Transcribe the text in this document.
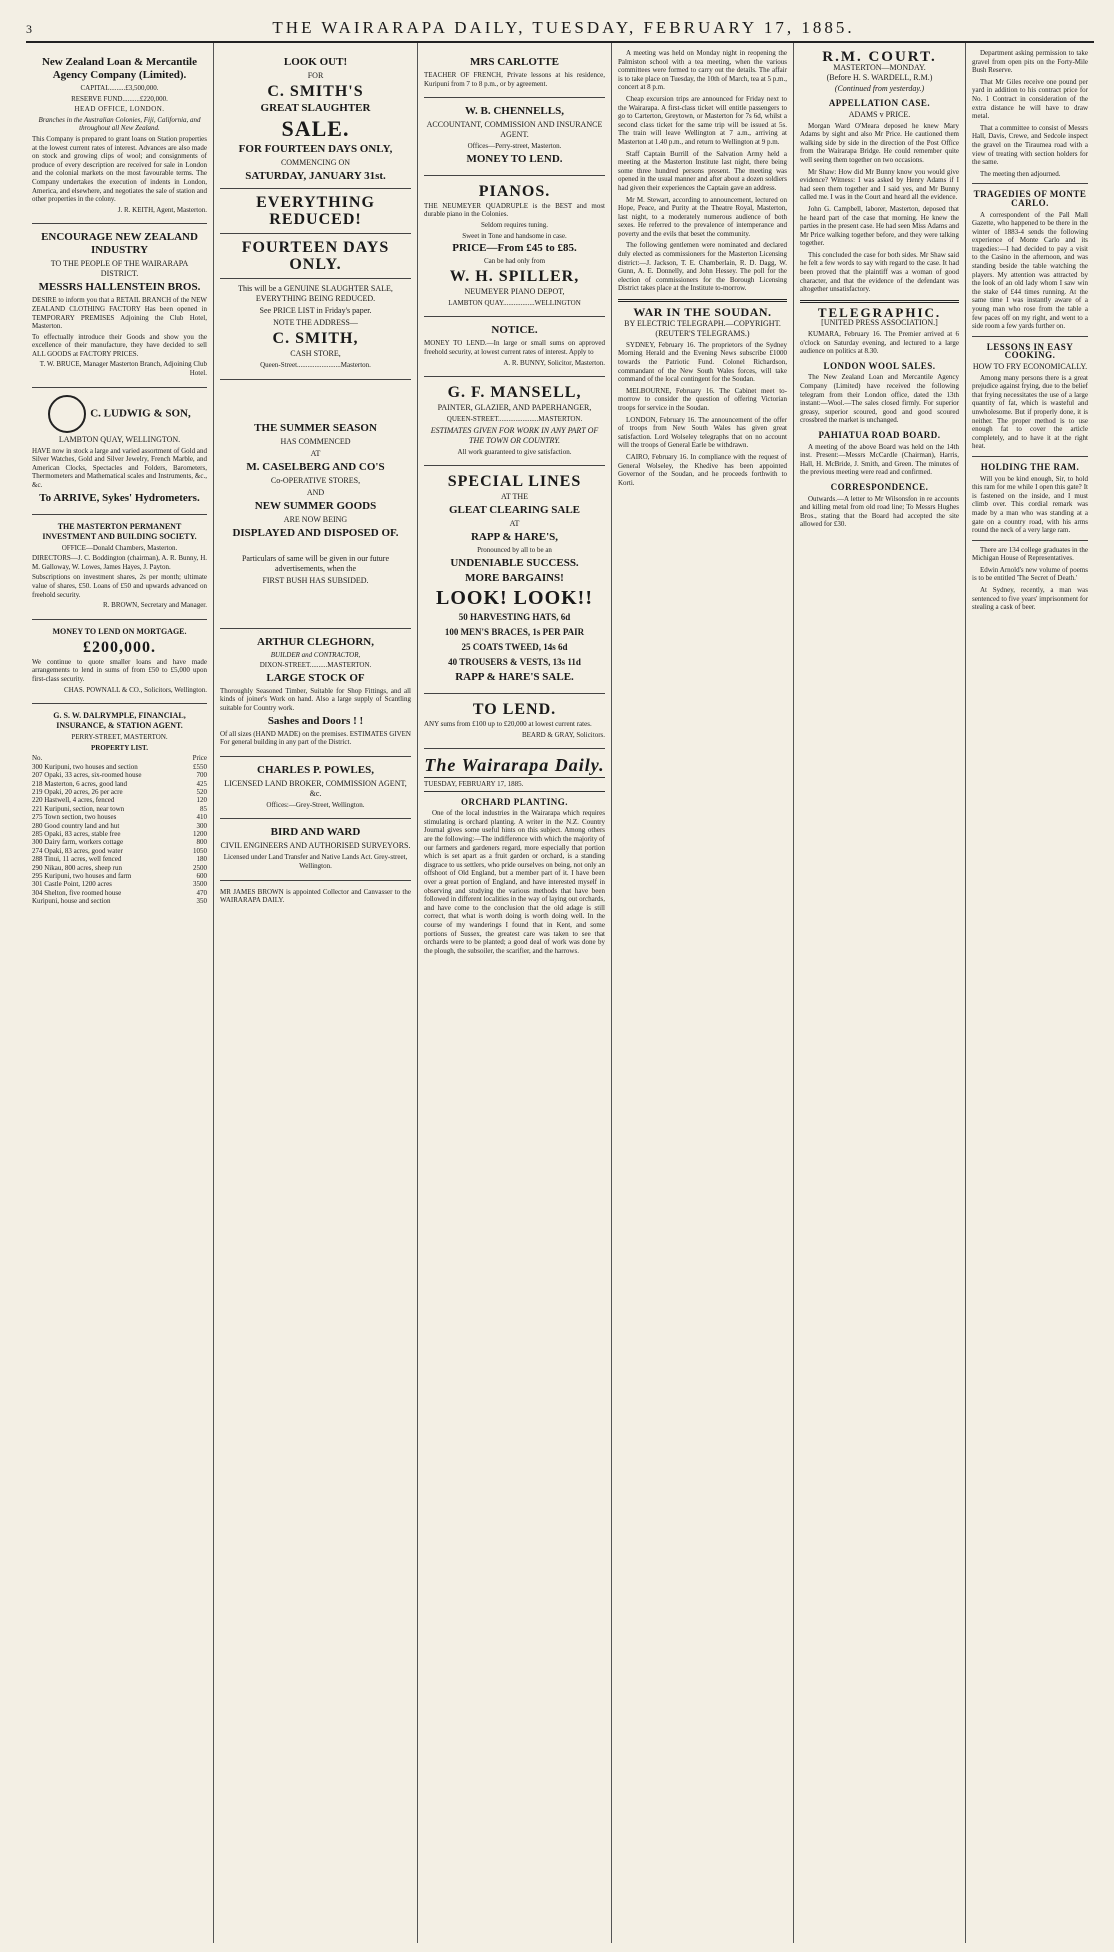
3	THE WAIRARAPA DAILY, TUESDAY, FEBRUARY 17, 1885.

New Zealand Loan & Mercantile Agency Company (Limited).

CAPITAL.........£3,500,000.

RESERVE FUND..........£220,000.

HEAD OFFICE, LONDON.

Branches in the Australian Colonies, Fiji, California, and throughout all New Zealand.

This Company is prepared to grant loans on Station properties at the lowest current rates of interest. Advances are also made on stock and growing clips of wool; and consignments of produce of every description are received for sale in London and the colonial markets on the most favourable terms. The Company undertakes the execution of indents in London, America, and elsewhere, and negotiates the sale of station and other properties in the colony.

J. R. KEITH, Agent, Masterton.

ENCOURAGE NEW ZEALAND INDUSTRY

TO THE PEOPLE OF THE WAIRARAPA DISTRICT.

MESSRS HALLENSTEIN BROS.

DESIRE to inform you that a RETAIL BRANCH of the NEW ZEALAND CLOTHING FACTORY Has been opened in TEMPORARY PREMISES Adjoining the Club Hotel, Masterton.

To effectually introduce their Goods and show you the excellence of their manufacture, they have decided to sell ALL GOODS at FACTORY PRICES.

T. W. BRUCE, Manager Masterton Branch, Adjoining Club Hotel.

C. LUDWIG & SON,

LAMBTON QUAY, WELLINGTON.

HAVE now in stock a large and varied assortment of Gold and Silver Watches, Gold and Silver Jewelry, French Marble, and American Clocks, Spectacles and Folders, Barometers, Thermometers and Mathematical scales and Instruments, &c., &c.

To ARRIVE, Sykes' Hydrometers.

THE MASTERTON PERMANENT INVESTMENT AND BUILDING SOCIETY.

OFFICE—Donald Chambers, Masterton.

DIRECTORS—J. C. Boddington (chairman), A. R. Bunny, H. M. Galloway, W. Lowes, James Hayes, J. Payton.

Subscriptions on investment shares, 2s per month; ultimate value of shares, £50. Loans of £50 and upwards advanced on freehold security.

R. BROWN, Secretary and Manager.

MONEY TO LEND ON MORTGAGE.

£200,000.

We continue to quote smaller loans and have made arrangements to lend in sums of from £50 to £5,000 upon first-class security.

CHAS. POWNALL & CO., Solicitors, Wellington.

G. S. W. DALRYMPLE, FINANCIAL, INSURANCE, & STATION AGENT.

PERRY-STREET, MASTERTON.

PROPERTY LIST.

No.	Price
300 Kuripuni, two houses and section	£550
207 Opaki, 33 acres, six-roomed house	700
218 Masterton, 6 acres, good land	425
219 Opaki, 20 acres, 26 per acre	520
220 Hastwell, 4 acres, fenced	120
221 Kuripuni, section, near town	85
275 Town section, two houses	410
280 Good country land and hut	300
285 Opaki, 83 acres, stable free	1200
300 Dairy farm, workers cottage	800
274 Opaki, 83 acres, good water	1050
288 Tinui, 11 acres, well fenced	180
290 Nikau, 800 acres, sheep run	2500
295 Kuripuni, two houses and farm	600
301 Castle Point, 1200 acres	3500
304 Shelton, five roomed house	470
Kuripuni, house and section	350

LOOK OUT!

FOR

C. SMITH'S

GREAT SLAUGHTER

SALE.

FOR FOURTEEN DAYS ONLY,

COMMENCING ON

SATURDAY, JANUARY 31st.

EVERYTHING REDUCED!

FOURTEEN DAYS ONLY.

This will be a GENUINE SLAUGHTER SALE, EVERYTHING BEING REDUCED.

See PRICE LIST in Friday's paper.

NOTE THE ADDRESS—

C. SMITH,

CASH STORE,

Queen-Street.........................Masterton.

THE SUMMER SEASON

HAS COMMENCED

AT

M. CASELBERG AND CO'S

Co-OPERATIVE STORES,

AND

NEW SUMMER GOODS

ARE NOW BEING

DISPLAYED AND DISPOSED OF.

Particulars of same will be given in our future advertisements, when the

FIRST BUSH HAS SUBSIDED.

ARTHUR CLEGHORN,

BUILDER and CONTRACTOR,

DIXON-STREET..........MASTERTON.

LARGE STOCK OF

Thoroughly Seasoned Timber, Suitable for Shop Fittings, and all kinds of joiner's Work on hand. Also a large supply of Scantling suitable for Country work.

Sashes and Doors ! !

Of all sizes (HAND MADE) on the premises. ESTIMATES GIVEN For general building in any part of the District.

CHARLES P. POWLES,

LICENSED LAND BROKER, COMMISSION AGENT, &c.

Offices:—Grey-Street, Wellington.

BIRD AND WARD

CIVIL ENGINEERS AND AUTHORISED SURVEYORS.

Licensed under Land Transfer and Native Lands Act. Grey-street, Wellington.

MR JAMES BROWN is appointed Collector and Canvasser to the WAIRARAPA DAILY.

MRS CARLOTTE

TEACHER OF FRENCH, Private lessons at his residence, Kuripuni from 7 to 8 p.m., or by agreement.

W. B. CHENNELLS,

ACCOUNTANT, COMMISSION AND INSURANCE AGENT.

Offices—Perry-street, Masterton.

MONEY TO LEND.

PIANOS.

THE NEUMEYER QUADRUPLE is the BEST and most durable piano in the Colonies.

Seldom requires tuning.

Sweet in Tone and handsome in case.

PRICE—From £45 to £85.

Can be had only from

W. H. SPILLER,

NEUMEYER PIANO DEPOT,

LAMBTON QUAY..................WELLINGTON

NOTICE.

MONEY TO LEND.—In large or small sums on approved freehold security, at lowest current rates of interest. Apply to

A. R. BUNNY, Solicitor, Masterton.

G. F. MANSELL,

PAINTER, GLAZIER, AND PAPERHANGER,

QUEEN-STREET.......................MASTERTON.

ESTIMATES GIVEN FOR WORK IN ANY PART OF THE TOWN OR COUNTRY.

All work guaranteed to give satisfaction.

SPECIAL LINES

AT THE

GLEAT CLEARING SALE

AT

RAPP & HARE'S,

Pronounced by all to be an

UNDENIABLE SUCCESS.

MORE BARGAINS!

LOOK! LOOK!!

50 HARVESTING HATS, 6d

100 MEN'S BRACES, 1s PER PAIR

25 COATS TWEED, 14s 6d

40 TROUSERS & VESTS, 13s 11d

RAPP & HARE'S SALE.

TO LEND.

ANY sums from £100 up to £20,000 at lowest current rates.

BEARD & GRAY, Solicitors.

The Wairarapa Daily.
TUESDAY, FEBRUARY 17, 1885.
ORCHARD PLANTING.

One of the local industries in the Wairarapa which requires stimulating is orchard planting. A writer in the N.Z. Country Journal gives some useful hints on this subject. Among others are the following:—The indifference with which the majority of our farmers and gardeners regard, more especially that portion which is set apart as a fruit garden or orchard, is a standing disgrace to us settlers, who pride ourselves on being, not only an offshoot of Old England, but a member part of it. I have been over a great portion of England, and have interested myself in observing and studying the various methods that have been followed in different localities in the way of laying out orchards, and have come to the conclusion that the old adage is still correct, that what is worth doing is worth doing well. In the course of my wanderings I found that in Kent, and some portions of Sussex, the greatest care was taken to see that orchards were to be planted; a good deal of work was done by the plough, the subsoiler, the scarifier, and the harrows.

A meeting was held on Monday night in reopening the Palmiston school with a tea meeting, when the various committees were formed to carry out the details. The affair is to take place on Tuesday, the 10th of March, tea at 5 p.m., concert at 8 p.m.

Cheap excursion trips are announced for Friday next to the Wairarapa. A first-class ticket will entitle passengers to go to Carterton, Greytown, or Masterton for 7s 6d, whilst a second class ticket for the same trip will be issued at 5s. The train will leave Wellington at 7 a.m., arriving at Masterton at 1.40 p.m., and return to Wellington at 9 p.m.

Staff Captain Burrill of the Salvation Army held a meeting at the Masterton Institute last night, there being some three hundred persons present. The meeting was opened in the usual manner and after about a dozen soldiers had given their experiences the Captain gave an address.

Mr M. Stewart, according to announcement, lectured on Hope, Peace, and Purity at the Theatre Royal, Masterton, last night, to a moderately numerous audience of both sexes. He referred to the prevalence of intemperance and poverty and the evils that beset the community.

The following gentlemen were nominated and declared duly elected as commissioners for the Masterton Licensing district:—J. Jackson, T. E. Chamberlain, R. D. Dagg, W. Gunn, A. E. Donnelly, and John Hessey. The poll for the election of commissioners for the Borough Licensing District takes place at the Institute to-morrow.

WAR IN THE SOUDAN.
BY ELECTRIC TELEGRAPH.—COPYRIGHT.
(REUTER'S TELEGRAMS.)

SYDNEY, February 16. The proprietors of the Sydney Morning Herald and the Evening News subscribe £1000 towards the Patriotic Fund. Colonel Richardson, commandant of the New South Wales forces, will take command of the local contingent for the Soudan.

MELBOURNE, February 16. The Cabinet meet to-morrow to consider the question of offering Victorian troops for service in the Soudan.

LONDON, February 16. The announcement of the offer of troops from New South Wales has given great satisfaction. Lord Wolseley telegraphs that on no account will the troops of General Earle be withdrawn.

CAIRO, February 16. In compliance with the request of General Wolseley, the Khedive has been appointed Governor of the Soudan, and he proceeds forthwith to Korti.

R.M. COURT.
MASTERTON—MONDAY.
(Before H. S. WARDELL, R.M.)
(Continued from yesterday.)
APPELLATION CASE.
ADAMS v PRICE.

Morgan Ward O'Meara deposed he knew Mary Adams by sight and also Mr Price. He cautioned them walking side by side in the direction of the Post Office from the Wairarapa Bridge. He could remember quite well seeing them together on two occasions.

Mr Shaw: How did Mr Bunny know you would give evidence? Witness: I was asked by Henry Adams if I had seen them together and I said yes, and Mr Bunny called me. I was in the Court and heard all the evidence.

John G. Campbell, laborer, Masterton, deposed that he heard part of the case that morning. He knew the parties in the present case. He had seen Miss Adams and Mr Price walking together before, and they were talking together.

This concluded the case for both sides. Mr Shaw said he felt a few words to say with regard to the case. It had been proved that the plaintiff was a woman of good character, and that the evidence of the defendant was altogether unsatisfactory.

TELEGRAPHIC.
[UNITED PRESS ASSOCIATION.]

KUMARA, February 16. The Premier arrived at 6 o'clock on Saturday evening, and lectured to a large audience on politics at 8.30.

LONDON WOOL SALES.

The New Zealand Loan and Mercantile Agency Company (Limited) have received the following telegram from their London office, dated the 13th instant:—Wool.—The sales closed firmly. For superior greasy, superior scoured, good and good scoured crossbred the market is unchanged.

PAHIATUA ROAD BOARD.

A meeting of the above Board was held on the 14th inst. Present:—Messrs McCardle (Chairman), Harris, Hall, H. McBride, J. Smith, and Green. The minutes of the previous meeting were read and confirmed.

CORRESPONDENCE.

Outwards.—A letter to Mr Wilsonsfon in re accounts and killing metal from old road line; To Messrs Hughes Bros., stating that the Board had accepted the site allowed for £30.

Department asking permission to take gravel from open pits on the Forty-Mile Bush Reserve.

That Mr Giles receive one pound per yard in addition to his contract price for No. 1 Contract in consideration of the extra distance he will have to draw metal.

That a committee to consist of Messrs Hall, Davis, Crewe, and Sedcole inspect the gravel on the Tiraumea road with a view of treating with section holders for the same.

The meeting then adjourned.

TRAGEDIES OF MONTE CARLO.

A correspondent of the Pall Mall Gazette, who happened to be there in the winter of 1883-4 sends the following experience of Monte Carlo and its tragedies:—I had decided to pay a visit to the Casino in the afternoon, and was standing beside the table watching the players. My attention was attracted by the look of an old lady whom I saw win the stake of £44 times running. At the same time I was instantly aware of a young man who rose from the table a few paces off on my right, and went to a side room a few yards further on.

LESSONS IN EASY COOKING.
HOW TO FRY ECONOMICALLY.

Among many persons there is a great prejudice against frying, due to the belief that frying necessitates the use of a large quantity of fat, which is wasteful and unwholesome. But if properly done, it is neither. The proper method is to use enough fat to cover the article completely, and to have it at the right heat.

HOLDING THE RAM.

Will you be kind enough, Sir, to hold this ram for me while I open this gate? It is fastened on the inside, and I must climb over. This cordial remark was made by a man who was standing at a gate on a country road, with his arms round the neck of a very large ram.

There are 134 college graduates in the Michigan House of Representatives.

Edwin Arnold's new volume of poems is to be entitled 'The Secret of Death.'

At Sydney, recently, a man was sentenced to five years' imprisonment for stealing a cask of beer.
